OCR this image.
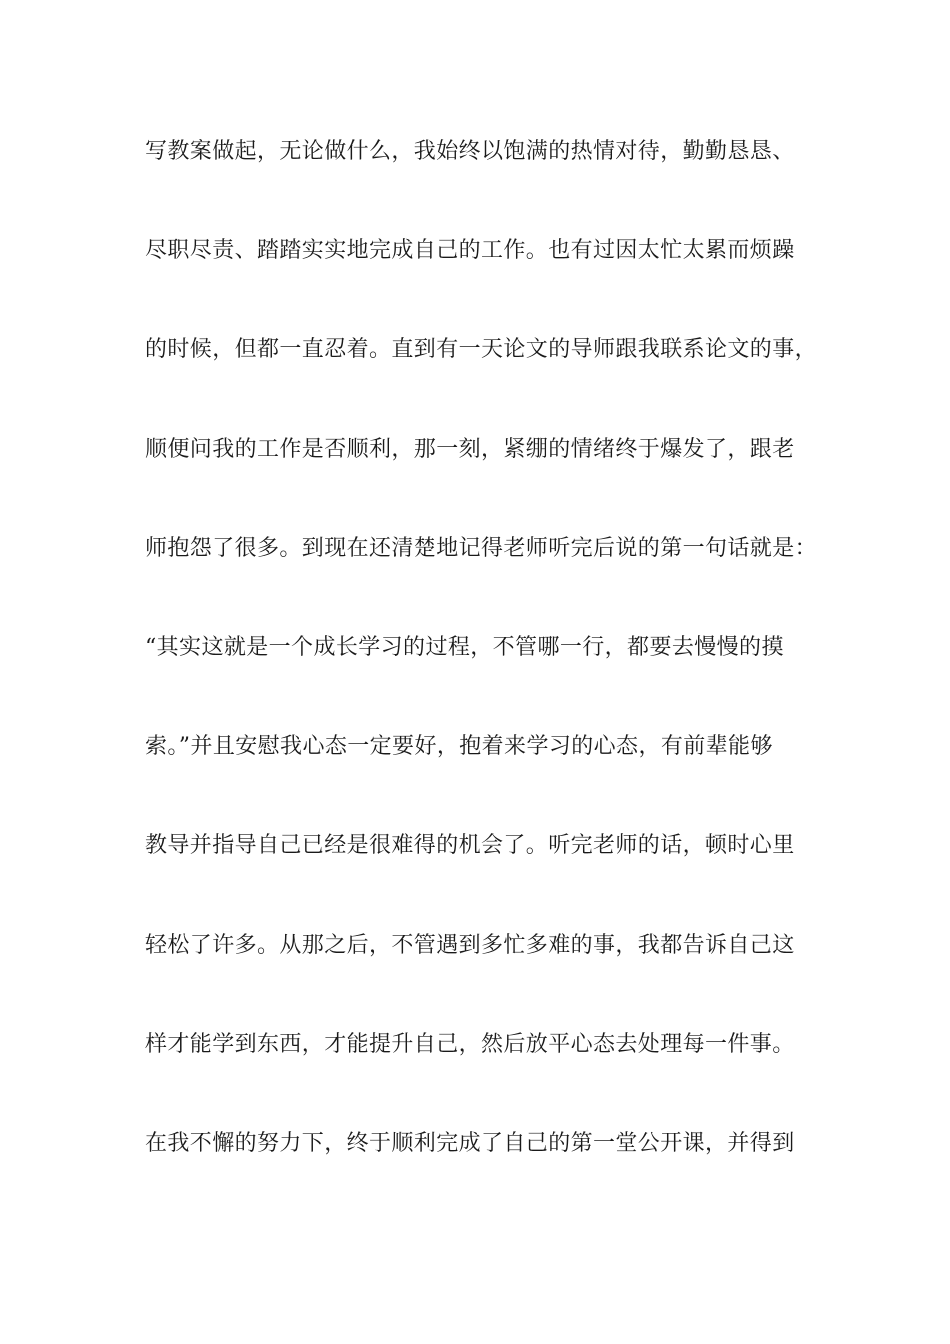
写教案做起，无论做什么，我始终以饱满的热情对待，勤勤恳恳、
尽职尽责、踏踏实实地完成自己的工作。也有过因太忙太累而烦躁
的时候，但都一直忍着。直到有一天论文的导师跟我联系论文的事，
顺便问我的工作是否顺利，那一刻，紧绷的情绪终于爆发了，跟老
师抱怨了很多。到现在还清楚地记得老师听完后说的第一句话就是：
“其实这就是一个成长学习的过程，不管哪一行，都要去慢慢的摸
索。”并且安慰我心态一定要好，抱着来学习的心态，有前辈能够
教导并指导自己已经是很难得的机会了。听完老师的话，顿时心里
轻松了许多。从那之后，不管遇到多忙多难的事，我都告诉自己这
样才能学到东西，才能提升自己，然后放平心态去处理每一件事。
在我不懈的努力下，终于顺利完成了自己的第一堂公开课，并得到
